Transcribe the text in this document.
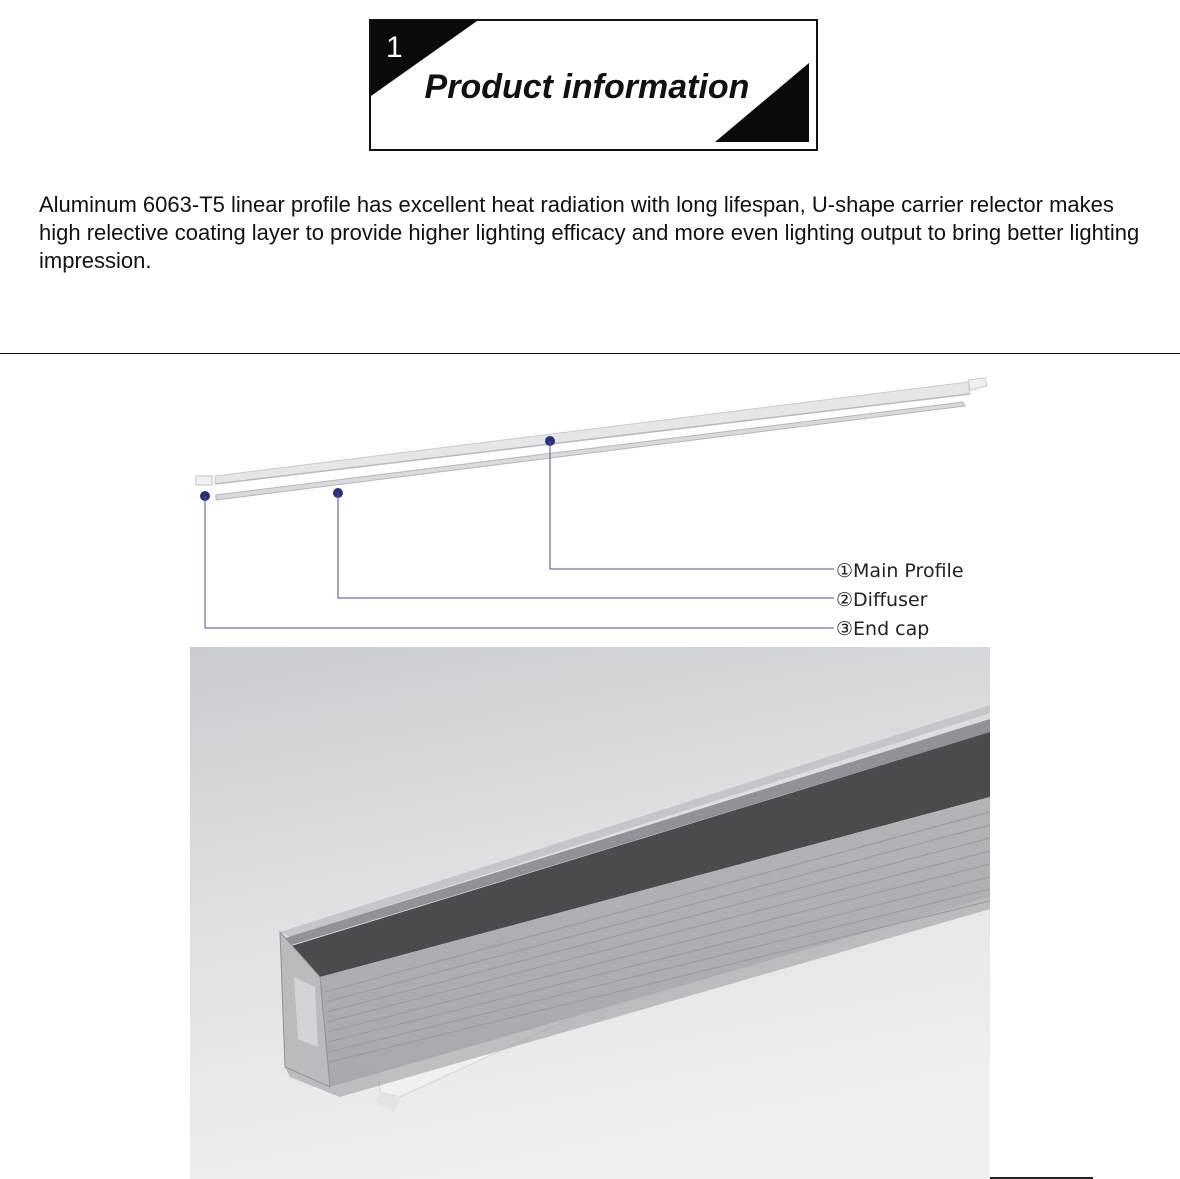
1
Product information
Aluminum 6063-T5 linear profile has excellent heat radiation with long lifespan, U-shape carrier relector makes high relective coating layer to provide higher lighting efficacy and more even lighting output to bring better lighting impression.
①Main Profile
②Diffuser
③End cap
